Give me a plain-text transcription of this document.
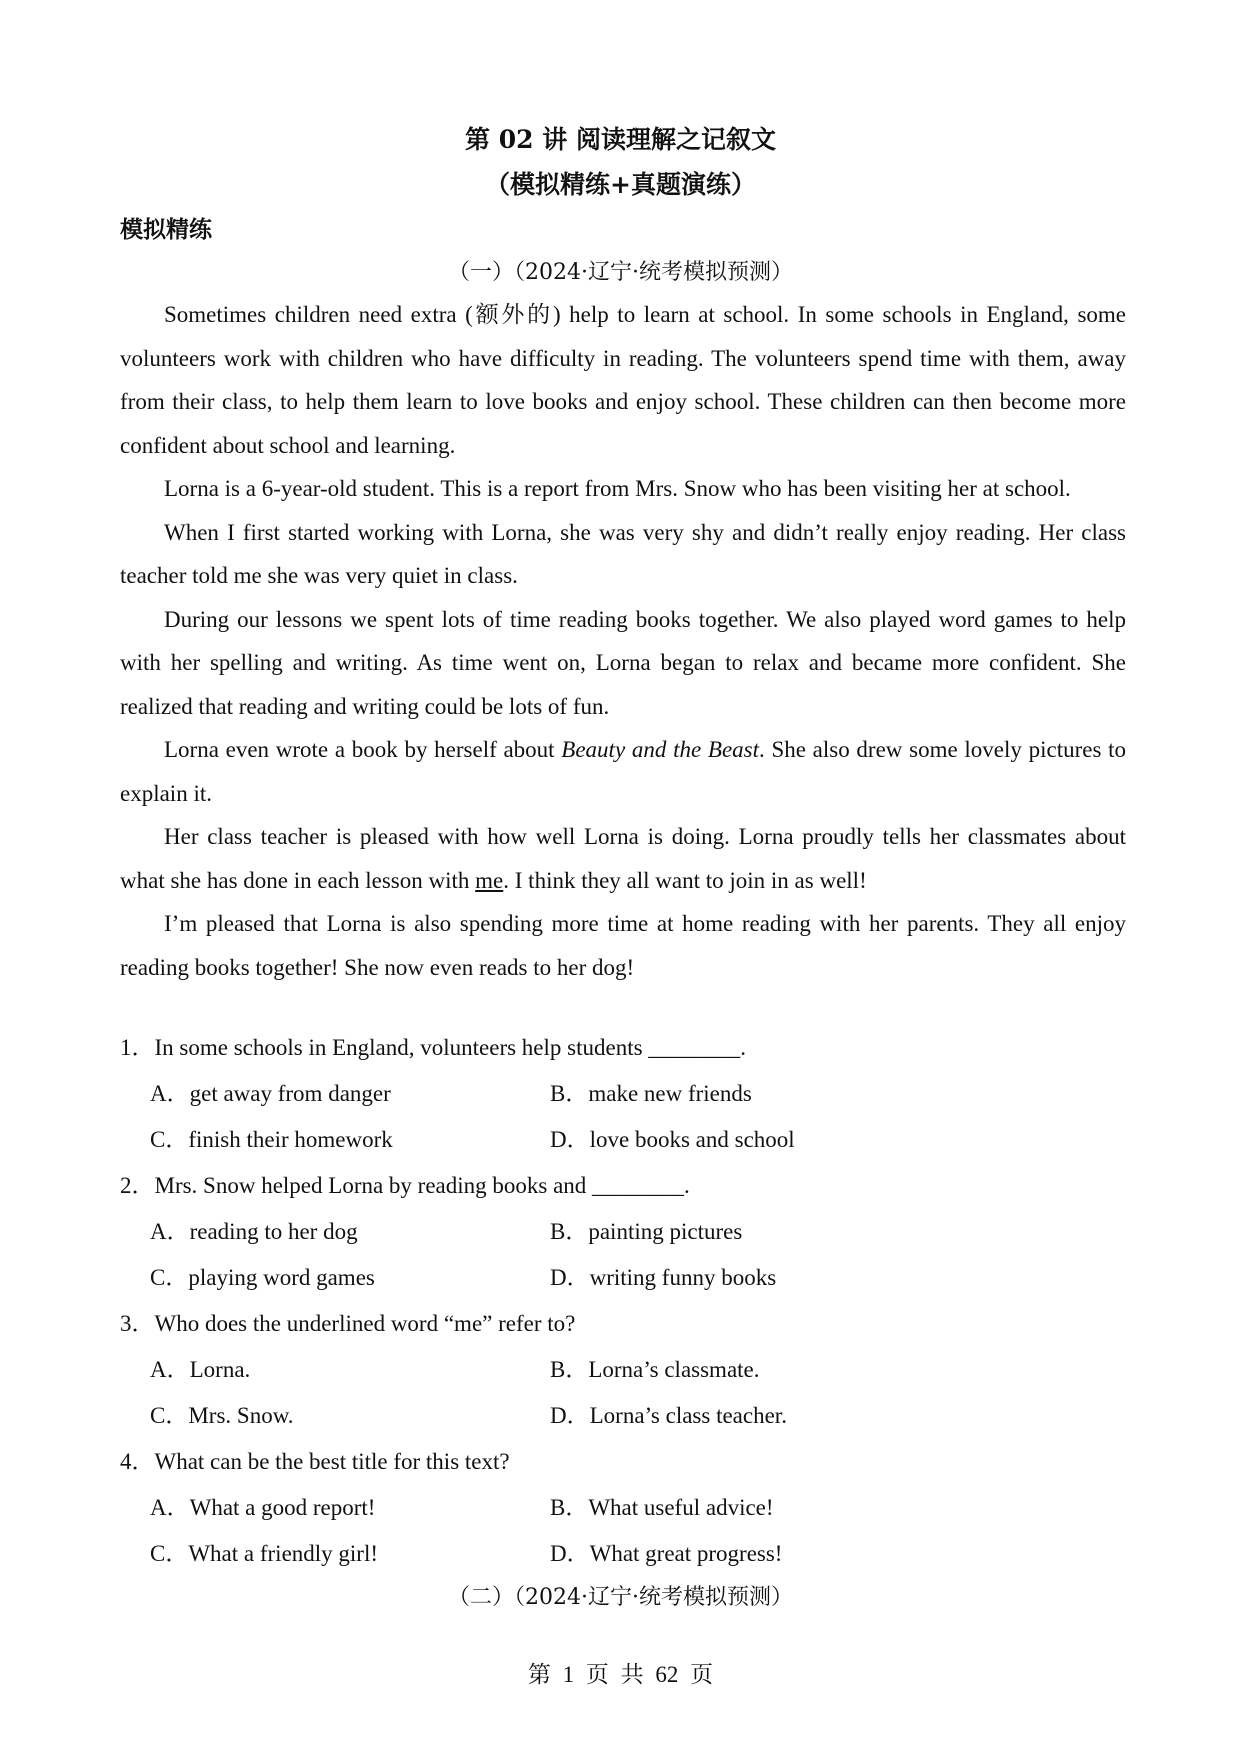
第 02 讲 阅读理解之记叙文
（模拟精练+真题演练）
模拟精练
（一）（2024·辽宁·统考模拟预测）

Sometimes children need extra (额外的) help to learn at school. In some schools in England, some volunteers work with children who have difficulty in reading. The volunteers spend time with them, away from their class, to help them learn to love books and enjoy school. These children can then become more confident about school and learning.

Lorna is a 6-year-old student. This is a report from Mrs. Snow who has been visiting her at school.

When I first started working with Lorna, she was very shy and didn’t really enjoy reading. Her class teacher told me she was very quiet in class.

During our lessons we spent lots of time reading books together. We also played word games to help with her spelling and writing. As time went on, Lorna began to relax and became more confident. She realized that reading and writing could be lots of fun.

Lorna even wrote a book by herself about Beauty and the Beast. She also drew some lovely pictures to explain it.

Her class teacher is pleased with how well Lorna is doing. Lorna proudly tells her classmates about what she has done in each lesson with me. I think they all want to join in as well!

I’m pleased that Lorna is also spending more time at home reading with her parents. They all enjoy reading books together! She now even reads to her dog!

1．In some schools in England, volunteers help students ________.
A．get away from danger	B．make new friends
C．finish their homework	D．love books and school
2．Mrs. Snow helped Lorna by reading books and ________.
A．reading to her dog	B．painting pictures
C．playing word games	D．writing funny books
3．Who does the underlined word “me” refer to?
A．Lorna.	B．Lorna’s classmate.
C．Mrs. Snow.	D．Lorna’s class teacher.
4．What can be the best title for this text?
A．What a good report!	B．What useful advice!
C．What a friendly girl!	D．What great progress!
（二）（2024·辽宁·统考模拟预测）
第 1 页 共 62 页
